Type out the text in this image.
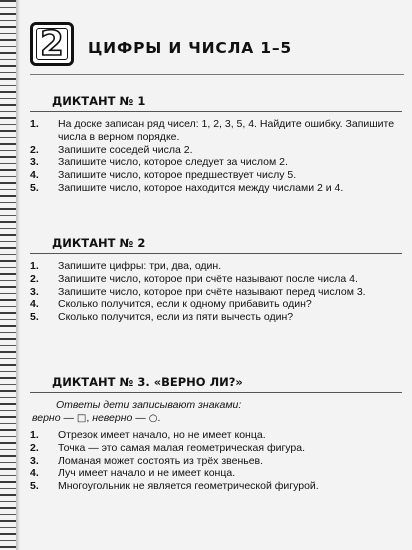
2 ЦИФРЫ И ЧИСЛА 1–5
ДИКТАНТ № 1
1. На доске записан ряд чисел: 1, 2, 3, 5, 4. Найдите ошибку. Запишите числа в верном порядке.
2. Запишите соседей числа 2.
3. Запишите число, которое следует за числом 2.
4. Запишите число, которое предшествует числу 5.
5. Запишите число, которое находится между числами 2 и 4.
ДИКТАНТ № 2
1. Запишите цифры: три, два, один.
2. Запишите число, которое при счёте называют после числа 4.
3. Запишите число, которое при счёте называют перед числом 3.
4. Сколько получится, если к одному прибавить один?
5. Сколько получится, если из пяти вычесть один?
ДИКТАНТ № 3. «ВЕРНО ЛИ?»
Ответы дети записывают знаками:
верно — □, неверно — ○.
1. Отрезок имеет начало, но не имеет конца.
2. Точка — это самая малая геометрическая фигура.
3. Ломаная может состоять из трёх звеньев.
4. Луч имеет начало и не имеет конца.
5. Многоугольник не является геометрической фигурой.
